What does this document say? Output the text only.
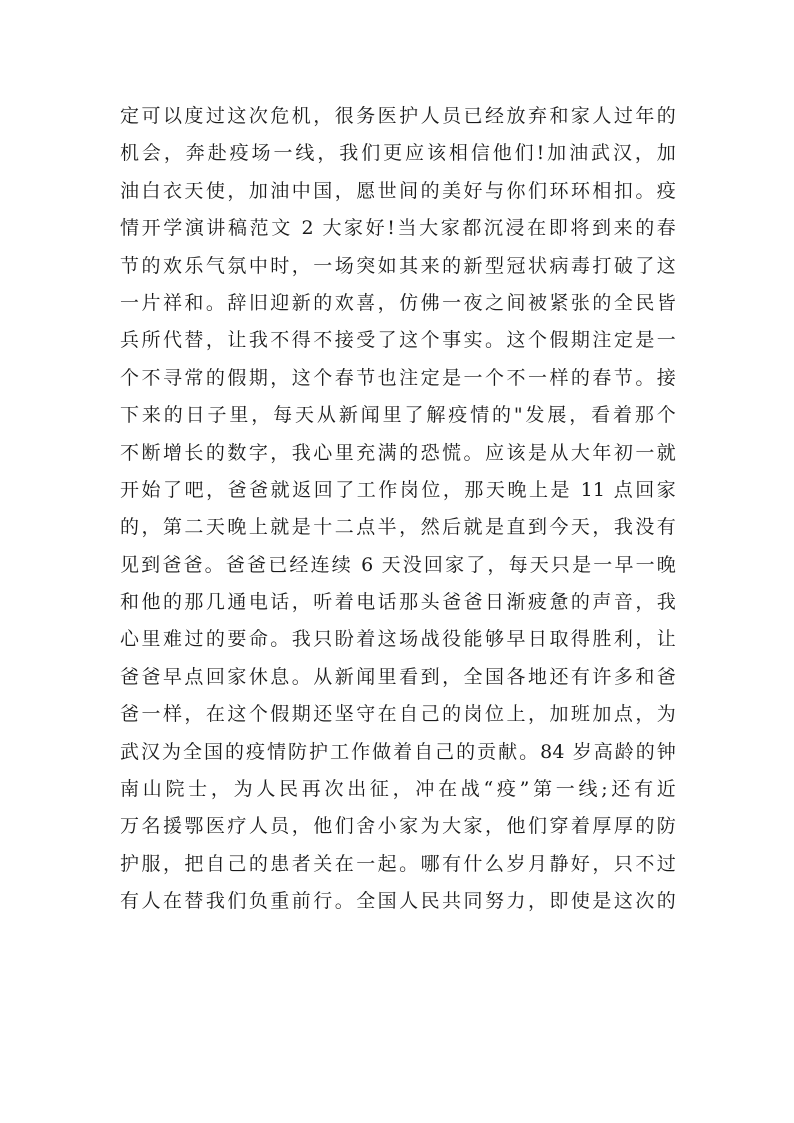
定可以度过这次危机，很务医护人员已经放弃和家人过年的
机会，奔赴疫场一线，我们更应该相信他们!加油武汉，加
油白衣天使，加油中国，愿世间的美好与你们环环相扣。疫
情开学演讲稿范文 2 大家好!当大家都沉浸在即将到来的春
节的欢乐气氛中时，一场突如其来的新型冠状病毒打破了这
一片祥和。辞旧迎新的欢喜，仿佛一夜之间被紧张的全民皆
兵所代替，让我不得不接受了这个事实。这个假期注定是一
个不寻常的假期，这个春节也注定是一个不一样的春节。接
下来的日子里，每天从新闻里了解疫情的"发展，看着那个
不断增长的数字，我心里充满的恐慌。应该是从大年初一就
开始了吧，爸爸就返回了工作岗位，那天晚上是 11 点回家
的，第二天晚上就是十二点半，然后就是直到今天，我没有
见到爸爸。爸爸已经连续 6 天没回家了，每天只是一早一晚
和他的那几通电话，听着电话那头爸爸日渐疲惫的声音，我
心里难过的要命。我只盼着这场战役能够早日取得胜利，让
爸爸早点回家休息。从新闻里看到，全国各地还有许多和爸
爸一样，在这个假期还坚守在自己的岗位上，加班加点，为
武汉为全国的疫情防护工作做着自己的贡献。84 岁高龄的钟
南山院士，为人民再次出征，冲在战“疫”第一线;还有近
万名援鄂医疗人员，他们舍小家为大家，他们穿着厚厚的防
护服，把自己的患者关在一起。哪有什么岁月静好，只不过
有人在替我们负重前行。全国人民共同努力，即使是这次的
